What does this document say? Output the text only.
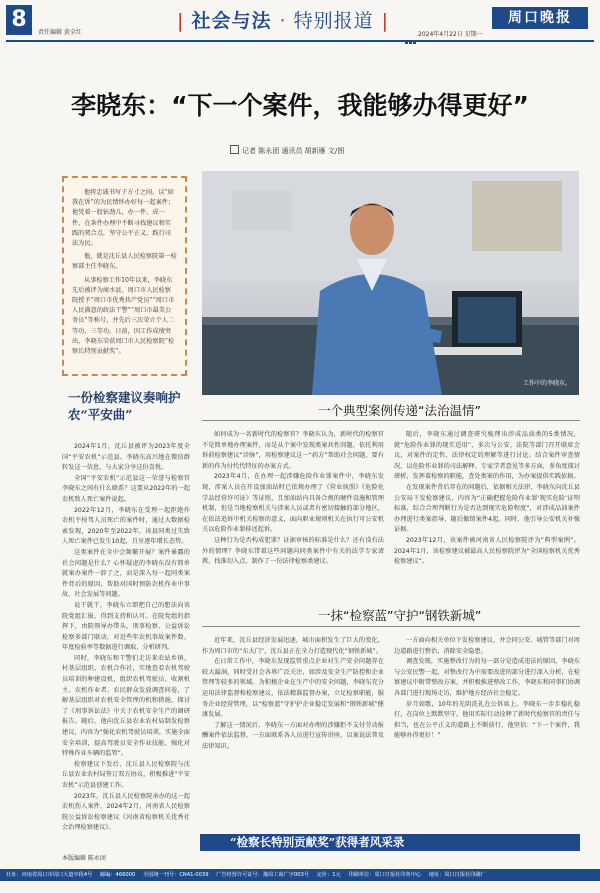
8
责任编辑 黄全红
| 社会与法 · 特别报道 |	周口晚报
2024年4月22日 星期一
李晓东：“下一个案件，我能够办得更好”
记者 陈永团 通讯员 胡新雁 文/图

他将忠诚书写于方寸之间，以“如我在诉”的为民情怀办好每一起案件；他凭着一股钻劲儿，办一件，成一件，在条件办理中不断寻找建议和实践的契合点，坚守公平正义，践行司法为民。

他，就是沈丘县人民检察院第一检察部主任李晓东。

从事检察工作10年以来，李晓东先后被评为商水县、周口市人民检察院授予“周口市优秀共产党员”“周口市人民满意的政法干警”“周口市最美公务员”等称号，并先后三次荣立个人二等功、三等功。日前，因工作成绩突出，李晓东荣获周口市人民检察院“检察长特别贡献奖”。

工作中的李晓东。
一份检察建议奏响护农“平安曲”	一个典型案例传递“法治温情”
一抹“检察蓝”守护“钢铁新城”

2024年1月，沈丘县被评为2023年度全国“平安农机”示范县。李晓东高兴地在微信群转发这一信息，与大家分享这份喜悦。

全国“平安农机”示范县这一荣誉与检察官李晓东之间有什么联系？这要从2022年的一起农机致人死亡案件说起。

2022年12月，李晓东在受理一起拒绝作农机不按驾人员死亡的案件时，通过大数据检索发现，2020年至2022年，该县同类过失致人死亡案件已发生10起，且呈逐年增长态势。

这类案件在全中会频繁开展？案件暴露的社会问题是什么？心怀疑虑的李晓东没有简单就案办案件一辞了之，而是深入每一起同类案件背后的原因，帮助对国时预防农机作业中事故、社会发展等问题。

说干就干，李晓东立即把自己的想法向该院党组汇报，得到支持和认可。在院党组的指挥下，由院领导办带头，刑事检察、公益诉讼检察多部门联动，对近些年农机事故案件数、年度检验率等数据进行调取、分析研判。

同时，李晓东和干警们走访来农站乡镇、村基层组织、农机合作社，实地查看农机驾驶员培训的种建设机，组织农机驾驶员、收割机主、农机作业者、农民群众发放调查问卷，了解基层组织对农机安全管理的机和措施，探讨了《刑事诉讼法》中关于农机安全生产的调研报告。随后，他向沈丘县农业农村局制发检察建议，内容为“强化农机驾驶员培训，实施全面安全培训，提高驾驶员安全作业技能、强化对特殊作业车辆的监管”。

检察建议下发后，沈丘县人民检察院与沈丘县农业农村局签订双方协议，积极推进“平安农机”示范县创建工作。

2023年，沈丘县人民检察院承办的这一起农机伤人案件，2024年2月，河南省人民检察院公益诉讼检察建议《河南省检察机关优秀社会治理检察建议》。

如何成为一名新时代的检察官？李晓东认为，新时代的检察官不是简单地办理案件，而是从个案中发现类案共性问题，依托利用诉前检察建议“诊脉”，用检察建议这一“药方”帮助社会问题，要有新的作为付代代特征的办案方式。

2023年4月，在办理一起涉嫌危险作业罪案件中，李晓东发现，涉案人员在开设加油站时已依规办理了《营业执照》《危险化学品经营许可证》等证照，且加油站内具备合规的硬件设施和管理机制，但是当地检察机关与涉案人员或者有密切接触的部分地区，在依法追诉中机关检察的意义，面向职业规则机关在执行可公安机关以危险作业罪移送起诉。

这种行为是否构成犯罪？证据审核的标准是什么？还有没有法外的情理？李晓东带着这些问题向同类案件中有关的法学专家请教，找准切入点，制作了一份法律检察类建议。

随后，李晓东通过调查研究梳理出涉成品油类的5类情况，就“危险作业罪的现实适用”，多次与公安、法院等部门召开联席会议，对案件的定性、法律权定的理解等进行讨论。结合案件审查情况，以危险作业罪的司法解释、专家学者意见等多方面，多角度探讨研析，发挥着检察的职能，查处类案的作用，为办案提供实践依据。

在发现案件背后存在的问题后，依据相关法律，李晓东向沈丘县公安局下发检察建议，内容为“正确把握危险作业罪‘现实危险’证明标准，综合合理判断行为是否达到现实危险程度”，对涉成品油案件办理进行类案指导，随后撤销案件4起。同时，他引导公安机关补强证据。

2023年12月，该案件被河南省人民检察院评为“典型案例”。2024年1月，该检察建议被最高人民检察院评为“全国检察机关优秀检察建议”。

近年来，沈丘县经济发展迅速，城市面积发生了巨大的变化，作为周口市的“东大门”，沈丘县正在全力打造现代化“钢铁新城”。

在日常工作中，李晓东发现监管重点企业对生产安全问题存在较大漏洞，同时受社会各界广泛关注，如涉及安全生产防控和企业管理等较多的领域。为积极企业在生产中的安全问题，李晓东充分运用法律监督和检察建议，依法精准监督办案，立足检察职能，服务企业经营管理，以“检察蓝”守护护企业稳定发展和“钢铁新城”健康发展。

了解这一情况后，李晓东一方面对办理的涉嫌拒不支付劳动报酬案件依法监督，一方面联系各人员进行宣传讲座，以案说法普及法律知识。

一方面向相关单位下发检察建议，并会同公安、城管等部门对周边道路进行整治，消除安全隐患。

调查发现，实施整改行为的每一部分是造成违法的原因，李晓东与公安民警一起，对整改行为中需要改进的部分进行深入分析，在检察建议中附带整改方案，并积极推进整改工作，李晓东和同事们协调各部门进行现场走访，维护地方经济社会稳定。

岁月如歌，10年的光阴洗礼在公诉席上。李晓东一步步稳扎稳打，在岗位上默默坚守。他用实际行动诠释了新时代检察官的责任与担当，也在公平正义的道路上不断前行，他坚信：“下一个案件，我能够办得更好！”

“检察长特别贡献奖”获得者风采录
本版编辑 陈永团
社址：河南省周口市周口大道中段4号 邮编：466000 全国统一刊号：CN41-0039 广告经营许可证号：豫周工商广字003号 定价：1元 印刷单位：周口日报社印务中心 地址：周口日报社印刷厂
